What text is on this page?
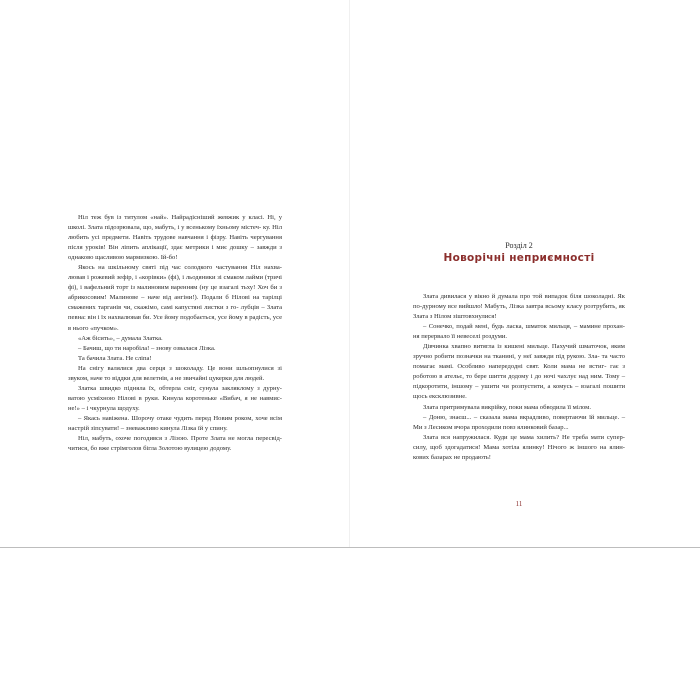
Ніл теж був із титулом «най». Найрадісніший жевжик у класі. Ні, у школі. Злата підозрювала, що, мабуть, і у всенькому їхньому містеч- ку. Ніл любить усі предмети. Навіть трудове навчання і фізру. Навіть чергування після уроків! Він ліпить аплікації, здає метрики і миє дошку – завжди з однаково щасливою мармизкою. Ій-бо!

Якось на шкільному святі під час солодкого частування Ніл нахва- лював і рожевий зефір, і «корівки» (фі), і льодяники зі смаком лайми (тричі фі), і вафельний торт із малиновим варенням (ну це взагалі тьху! Хоч би з абрикосовим! Малинове – наче від ангіни!). Подали б Нілові на тарілці смажених тарганів чи, скажімо, самі капустяні листки з го- лубців – Злата певна: він і їх нахвалював би. Усе йому подобається, усе йому в радість, усе в нього «пучком».

«Аж бісить», – думала Златка.

– Бачиш, що ти наробіла! – знову озвалася Лізка.

Та бачила Злата. Не сліпа!

На снігу валялися два серця з шоколаду. Це вони шльопнулися зі звуком, наче то віддки для велетнів, а не звичайні цукерки для людей.

Златка швидко підняла їх, обтерла сніг, сунула закляклому з дурну- ватою усміхною Нілові в руки. Кинула коротеньке «Вибач, я не навмис- не!» – і чкурнула щодуху.

– Якась навіжена. Шорочу отаке чудить перед Новим роком, хоче всім настрій зіпсувати! – зневажливо кинула Лізка їй у спину.

Ніл, мабуть, охоче погодився з Лізою. Проте Злата не могла пересвід- читися, бо вже стрімголов бігла Золотою вулицею додому.

Розділ 2
Новорічні неприємності

Злата дивилася у вікно й думала про той випадок біля шоколадні. Як по-дурному все вийшло! Мабуть, Лізка завтра всьому класу розтрубить, як Злата з Нілом зіштовхнулися!

– Сонечко, подай мені, будь ласка, шматок мильця, – мамине прохан- ня перервало її невеселі роздуми.

Дівчинка хвапно витягла із кишені мильце. Пахучий шматочок, яким зручно робити позначки на тканині, у неї завжди під рукою. Зла- та часто помагає мамі. Особливо напередодні свят. Коли мама не встиг- гає з роботою в ательє, то бере шиття додому і до ночі чахлує над ним. Тому – підкоротити, іншому – ушити чи розпустити, а комусь – взагалі пошити щось ексклюзивне.

Злата притримувала викрійку, поки мама обводила її мілом.

– Доню, знаєш... – сказала мама вкрадливо, повертаючи їй мильце. – Ми з Лесиком вчора проходили повз ялинковий базар...

Злата вся напружилася. Куди це мама хилить? Не треба мати супер- силу, щоб здогадатися! Мама хотіла ялинку! Нічого ж іншого на ялин- кових базарах не продають!

11
